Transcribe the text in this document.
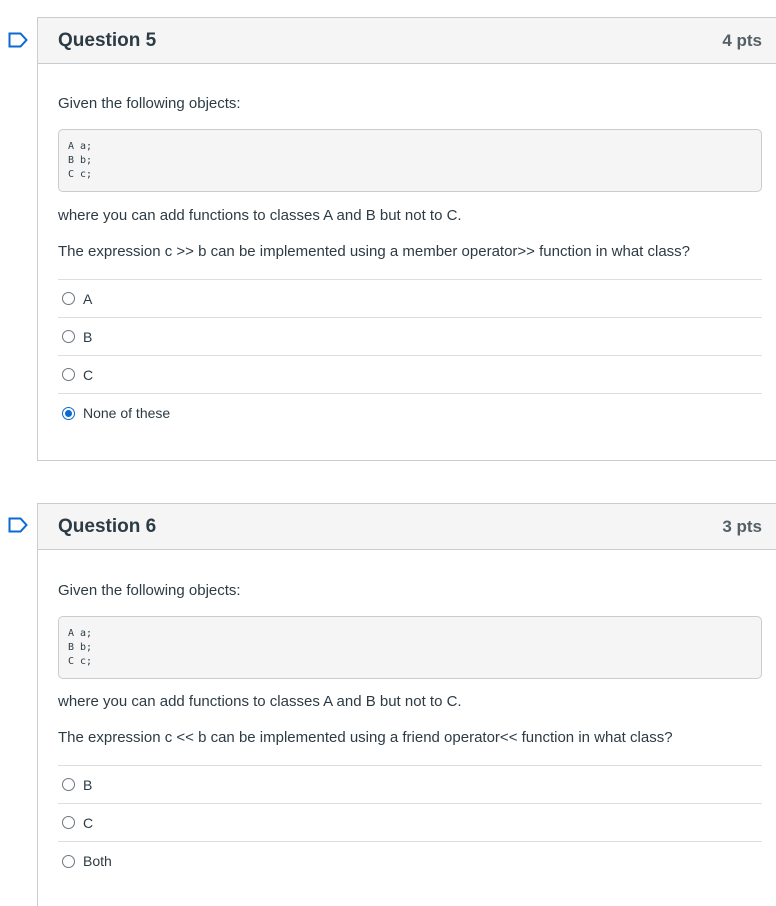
Question 5	4 pts

Given the following objects:

A a;
B b;
C c;

where you can add functions to classes A and B but not to C.

The expression c >> b can be implemented using a member operator>> function in what class?

A
B
C
None of these
Question 6	3 pts

Given the following objects:

A a;
B b;
C c;

where you can add functions to classes A and B but not to C.

The expression c << b can be implemented using a friend operator<< function in what class?

B
C
Both
